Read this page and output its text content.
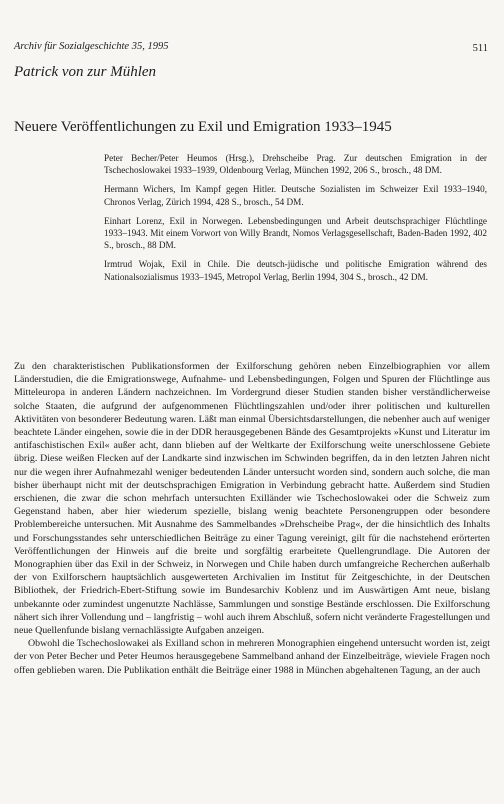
Archiv für Sozialgeschichte 35, 1995	511
Patrick von zur Mühlen
Neuere Veröffentlichungen zu Exil und Emigration 1933–1945

Peter Becher/Peter Heumos (Hrsg.), Drehscheibe Prag. Zur deutschen Emigration in der Tschechoslowakei 1933–1939, Oldenbourg Verlag, München 1992, 206 S., brosch., 48 DM.

Hermann Wichers, Im Kampf gegen Hitler. Deutsche Sozialisten im Schweizer Exil 1933–1940, Chronos Verlag, Zürich 1994, 428 S., brosch., 54 DM.

Einhart Lorenz, Exil in Norwegen. Lebensbedingungen und Arbeit deutschsprachiger Flüchtlinge 1933–1943. Mit einem Vorwort von Willy Brandt, Nomos Verlagsgesellschaft, Baden-Baden 1992, 402 S., brosch., 88 DM.

Irmtrud Wojak, Exil in Chile. Die deutsch-jüdische und politische Emigration während des Nationalsozialismus 1933–1945, Metropol Verlag, Berlin 1994, 304 S., brosch., 42 DM.

Zu den charakteristischen Publikationsformen der Exilforschung gehören neben Einzelbiographien vor allem Länderstudien, die die Emigrationswege, Aufnahme- und Lebensbedingungen, Folgen und Spuren der Flüchtlinge aus Mitteleuropa in anderen Ländern nachzeichnen. Im Vordergrund dieser Studien standen bisher verständlicherweise solche Staaten, die aufgrund der aufgenommenen Flüchtlingszahlen und/oder ihrer politischen und kulturellen Aktivitäten von besonderer Bedeutung waren. Läßt man einmal Übersichtsdarstellungen, die nebenher auch auf weniger beachtete Länder eingehen, sowie die in der DDR herausgegebenen Bände des Gesamtprojekts »Kunst und Literatur im antifaschistischen Exil« außer acht, dann blieben auf der Weltkarte der Exilforschung weite unerschlossene Gebiete übrig. Diese weißen Flecken auf der Landkarte sind inzwischen im Schwinden begriffen, da in den letzten Jahren nicht nur die wegen ihrer Aufnahmezahl weniger bedeutenden Länder untersucht worden sind, sondern auch solche, die man bisher überhaupt nicht mit der deutschsprachigen Emigration in Verbindung gebracht hatte. Außerdem sind Studien erschienen, die zwar die schon mehrfach untersuchten Exilländer wie Tschechoslowakei oder die Schweiz zum Gegenstand haben, aber hier wiederum spezielle, bislang wenig beachtete Personengruppen oder besondere Problembereiche untersuchen. Mit Ausnahme des Sammelbandes »Drehscheibe Prag«, der die hinsichtlich des Inhalts und Forschungsstandes sehr unterschiedlichen Beiträge zu einer Tagung vereinigt, gilt für die nachstehend erörterten Veröffentlichungen der Hinweis auf die breite und sorgfältig erarbeitete Quellengrundlage. Die Autoren der Monographien über das Exil in der Schweiz, in Norwegen und Chile haben durch umfangreiche Recherchen außerhalb der von Exilforschern hauptsächlich ausgewerteten Archivalien im Institut für Zeitgeschichte, in der Deutschen Bibliothek, der Friedrich-Ebert-Stiftung sowie im Bundesarchiv Koblenz und im Auswärtigen Amt neue, bislang unbekannte oder zumindest ungenutzte Nachlässe, Sammlungen und sonstige Bestände erschlossen. Die Exilforschung nähert sich ihrer Vollendung und – langfristig – wohl auch ihrem Abschluß, sofern nicht veränderte Fragestellungen und neue Quellenfunde bislang vernachlässigte Aufgaben anzeigen.

Obwohl die Tschechoslowakei als Exilland schon in mehreren Monographien eingehend untersucht worden ist, zeigt der von Peter Becher und Peter Heumos herausgegebene Sammelband anhand der Einzelbeiträge, wieviele Fragen noch offen geblieben waren. Die Publikation enthält die Beiträge einer 1988 in München abgehaltenen Tagung, an der auch
